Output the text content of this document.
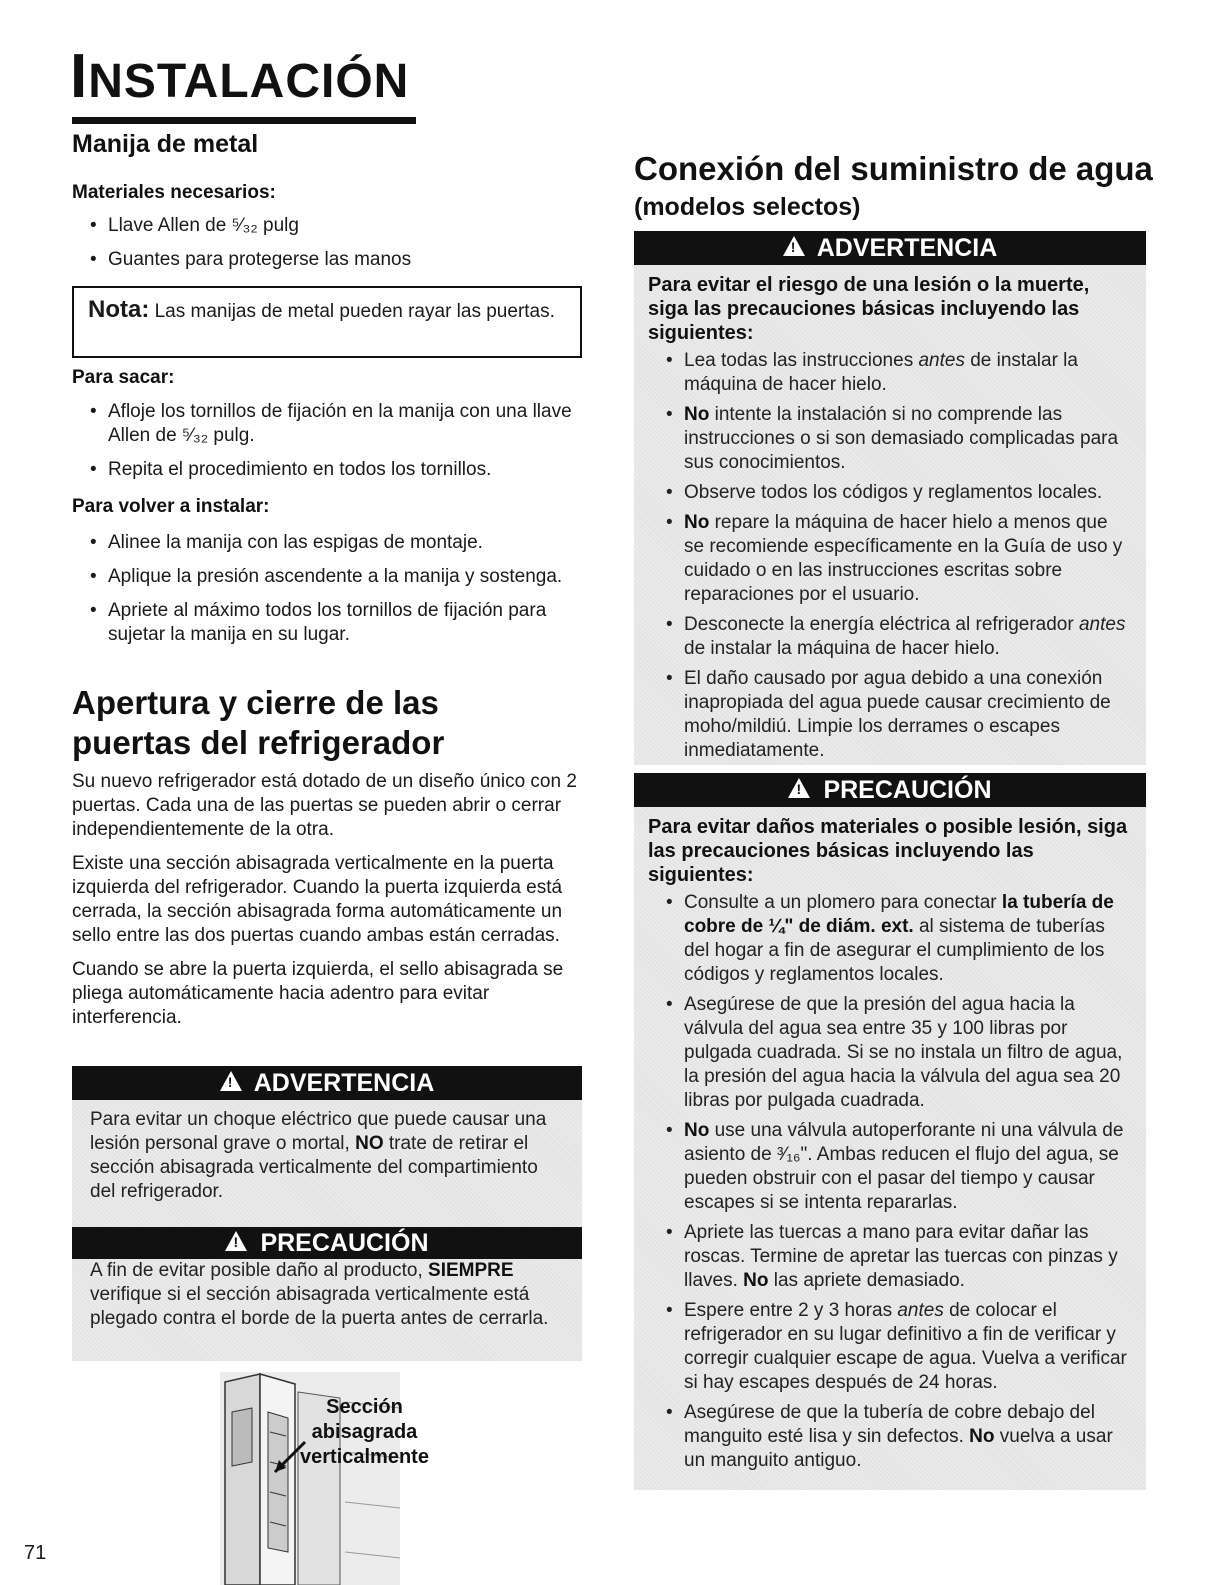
INSTALACIÓN
Manija de metal
Materiales necesarios:
• Llave Allen de ⁵⁄₃₂ pulg
• Guantes para protegerse las manos
Nota: Las manijas de metal pueden rayar las puertas.
Para sacar:
• Afloje los tornillos de fijación en la manija con una llave Allen de ⁵⁄₃₂ pulg.
• Repita el procedimiento en todos los tornillos.
Para volver a instalar:
• Alinee la manija con las espigas de montaje.
• Aplique la presión ascendente a la manija y sostenga.
• Apriete al máximo todos los tornillos de fijación para sujetar la manija en su lugar.
Apertura y cierre de las
puertas del refrigerador

Su nuevo refrigerador está dotado de un diseño único con 2 puertas. Cada una de las puertas se pueden abrir o cerrar independientemente de la otra.

Existe una sección abisagrada verticalmente en la puerta izquierda del refrigerador. Cuando la puerta izquierda está cerrada, la sección abisagrada forma automáticamente un sello entre las dos puertas cuando ambas están cerradas.

Cuando se abre la puerta izquierda, el sello abisagrada se pliega automáticamente hacia adentro para evitar interferencia.

! ADVERTENCIA
Para evitar un choque eléctrico que puede causar una lesión personal grave o mortal, NO trate de retirar el sección abisagrada verticalmente del compartimiento del refrigerador.
! PRECAUCIÓN
A fin de evitar posible daño al producto, SIEMPRE verifique si el sección abisagrada verticalmente está plegado contra el borde de la puerta antes de cerrarla.
Sección
abisagrada
verticalmente
71
Conexión del suministro de agua
(modelos selectos)
! ADVERTENCIA

Para evitar el riesgo de una lesión o la muerte, siga las precauciones básicas incluyendo las siguientes:

• Lea todas las instrucciones antes de instalar la máquina de hacer hielo.
• No intente la instalación si no comprende las instrucciones o si son demasiado complicadas para sus conocimientos.
• Observe todos los códigos y reglamentos locales.
• No repare la máquina de hacer hielo a menos que se recomiende específicamente en la Guía de uso y cuidado o en las instrucciones escritas sobre reparaciones por el usuario.
• Desconecte la energía eléctrica al refrigerador antes de instalar la máquina de hacer hielo.
• El daño causado por agua debido a una conexión inapropiada del agua puede causar crecimiento de moho/mildiú. Limpie los derrames o escapes inmediatamente.
! PRECAUCIÓN

Para evitar daños materiales o posible lesión, siga las precauciones básicas incluyendo las siguientes:

• Consulte a un plomero para conectar la tubería de cobre de ¼" de diám. ext. al sistema de tuberías del hogar a fin de asegurar el cumplimiento de los códigos y reglamentos locales.
• Asegúrese de que la presión del agua hacia la válvula del agua sea entre 35 y 100 libras por pulgada cuadrada. Si se no instala un filtro de agua, la presión del agua hacia la válvula del agua sea 20 libras por pulgada cuadrada.
• No use una válvula autoperforante ni una válvula de asiento de ³⁄₁₆". Ambas reducen el flujo del agua, se pueden obstruir con el pasar del tiempo y causar escapes si se intenta repararlas.
• Apriete las tuercas a mano para evitar dañar las roscas. Termine de apretar las tuercas con pinzas y llaves. No las apriete demasiado.
• Espere entre 2 y 3 horas antes de colocar el refrigerador en su lugar definitivo a fin de verificar y corregir cualquier escape de agua. Vuelva a verificar si hay escapes después de 24 horas.
• Asegúrese de que la tubería de cobre debajo del manguito esté lisa y sin defectos. No vuelva a usar un manguito antiguo.
